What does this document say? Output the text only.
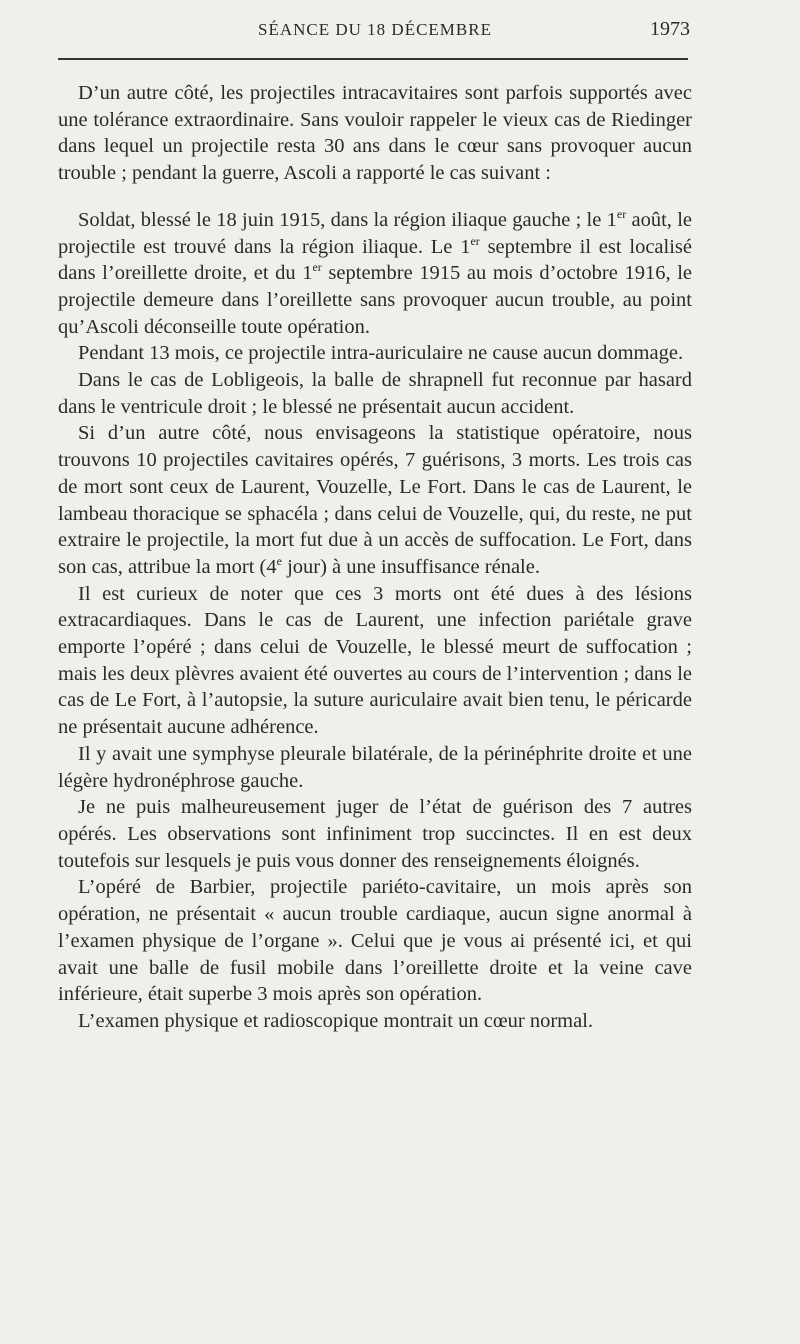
SÉANCE DU 18 DÉCEMBRE	1973

D’un autre côté, les projectiles intracavitaires sont parfois supportés avec une tolérance extraordinaire. Sans vouloir rappeler le vieux cas de Riedinger dans lequel un projectile resta 30 ans dans le cœur sans provoquer aucun trouble ; pendant la guerre, Ascoli a rapporté le cas suivant :

Soldat, blessé le 18 juin 1915, dans la région iliaque gauche ; le 1er août, le projectile est trouvé dans la région iliaque. Le 1er septembre il est localisé dans l’oreillette droite, et du 1er septembre 1915 au mois d’octobre 1916, le projectile demeure dans l’oreillette sans provoquer aucun trouble, au point qu’Ascoli déconseille toute opération.

Pendant 13 mois, ce projectile intra-auriculaire ne cause aucun dommage.

Dans le cas de Lobligeois, la balle de shrapnell fut reconnue par hasard dans le ventricule droit ; le blessé ne présentait aucun accident.

Si d’un autre côté, nous envisageons la statistique opératoire, nous trouvons 10 projectiles cavitaires opérés, 7 guérisons, 3 morts. Les trois cas de mort sont ceux de Laurent, Vouzelle, Le Fort. Dans le cas de Laurent, le lambeau thoracique se sphacéla ; dans celui de Vouzelle, qui, du reste, ne put extraire le projectile, la mort fut due à un accès de suffocation. Le Fort, dans son cas, attribue la mort (4e jour) à une insuffisance rénale.

Il est curieux de noter que ces 3 morts ont été dues à des lésions extracardiaques. Dans le cas de Laurent, une infection pariétale grave emporte l’opéré ; dans celui de Vouzelle, le blessé meurt de suffocation ; mais les deux plèvres avaient été ouvertes au cours de l’intervention ; dans le cas de Le Fort, à l’autopsie, la suture auriculaire avait bien tenu, le péricarde ne présentait aucune adhérence.

Il y avait une symphyse pleurale bilatérale, de la périnéphrite droite et une légère hydronéphrose gauche.

Je ne puis malheureusement juger de l’état de guérison des 7 autres opérés. Les observations sont infiniment trop succinctes. Il en est deux toutefois sur lesquels je puis vous donner des renseignements éloignés.

L’opéré de Barbier, projectile pariéto-cavitaire, un mois après son opération, ne présentait « aucun trouble cardiaque, aucun signe anormal à l’examen physique de l’organe ». Celui que je vous ai présenté ici, et qui avait une balle de fusil mobile dans l’oreillette droite et la veine cave inférieure, était superbe 3 mois après son opération.

L’examen physique et radioscopique montrait un cœur normal.
